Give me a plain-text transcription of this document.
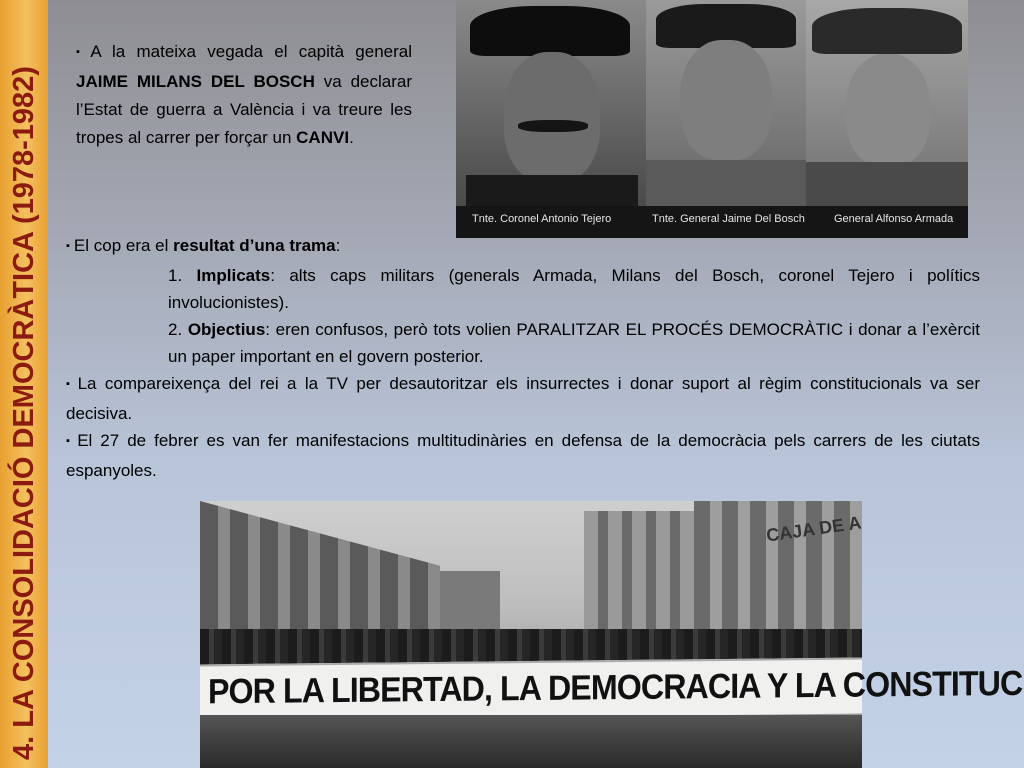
4. LA CONSOLIDACIÓ DEMOCRÀTICA (1978-1982)
▪ A la mateixa vegada el capità general JAIME MILANS DEL BOSCH va declarar l’Estat de guerra a València i va treure les tropes al carrer per forçar un CANVI.
Tnte. Coronel Antonio Tejero	Tnte. General Jaime Del Bosch	General Alfonso Armada

▪ El cop era el resultat d’una trama:

1. Implicats: alts caps militars (generals Armada, Milans del Bosch, coronel Tejero i polítics involucionistes).

2. Objectius: eren confusos, però tots volien PARALITZAR EL PROCÉS DEMOCRÀTIC i donar a l’exèrcit un paper important en el govern posterior.

▪ La compareixença del rei a la TV per desautoritzar els insurrectes i donar suport al règim constitucionals va ser decisiva.

▪ El 27 de febrer es van fer manifestacions multitudinàries en defensa de la democràcia pels carrers de les ciutats espanyoles.

CAJA DE A
POR LA LIBERTAD, LA DEMOCRACIA Y LA CONSTITUC
